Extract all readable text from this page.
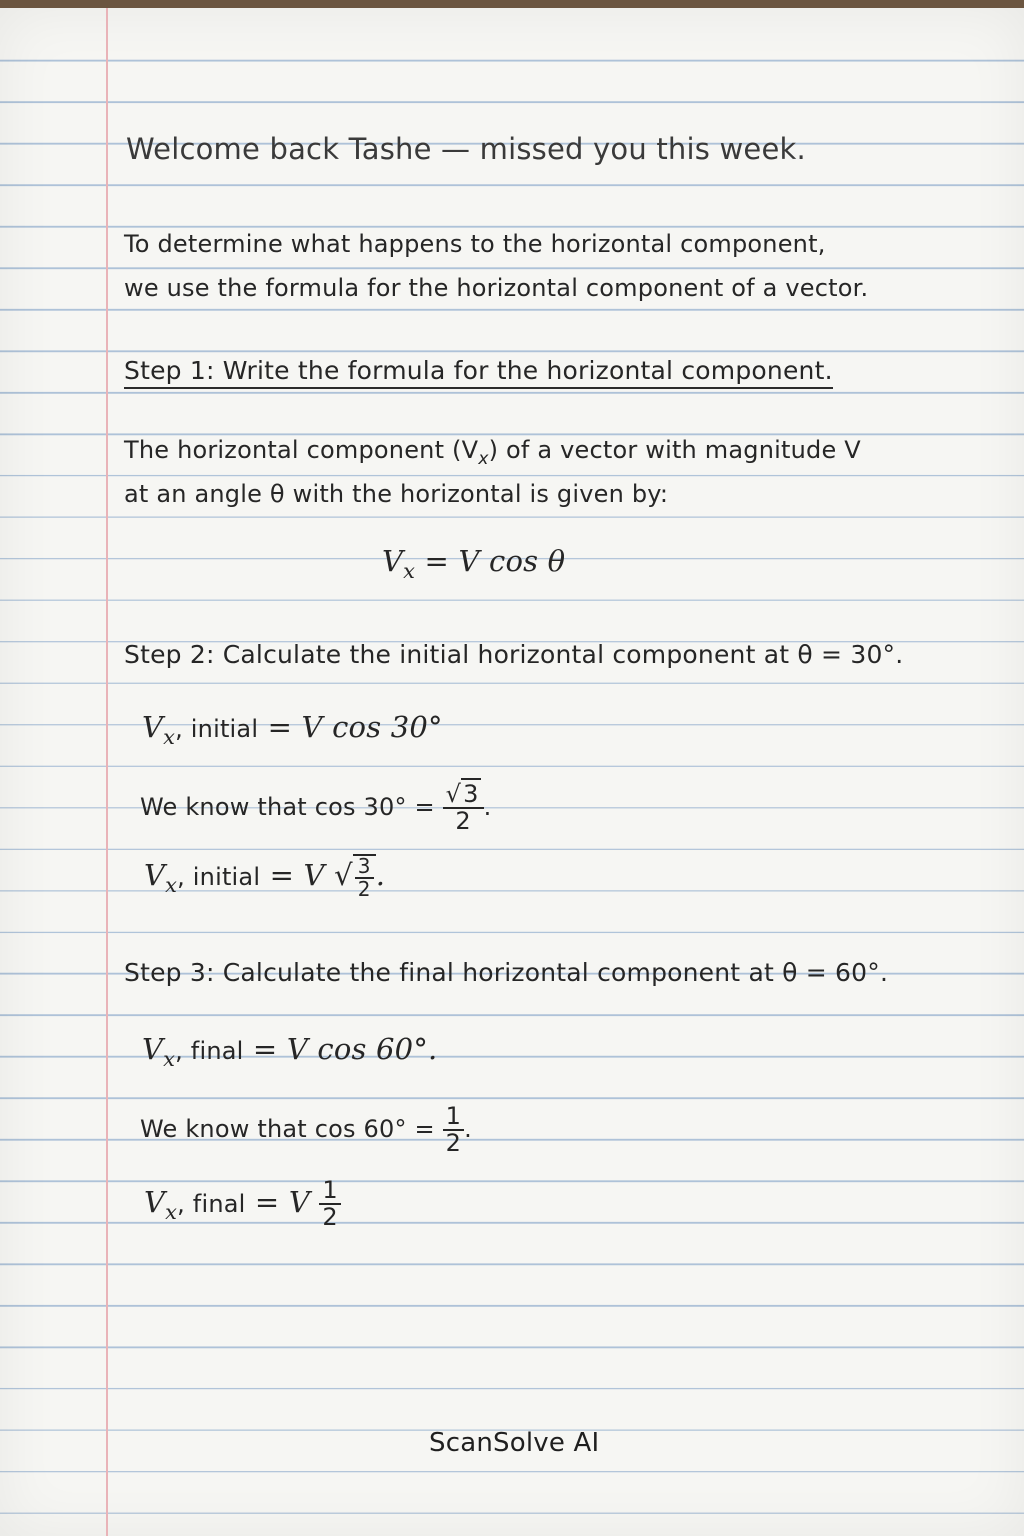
Welcome back Tashe — missed you this week.
To determine what happens to the horizontal component,
we use the formula for the horizontal component of a vector.
Step 1: Write the formula for the horizontal component.
The horizontal component $(V_x)$ of a vector with magnitude V
at an angle θ with the horizontal is given by:
$V_x = V$ cos θ
Step 2: Calculate the initial horizontal component at θ = 30°.
$V_x$, initial = V cos 30°
We know that $\cos 30^\circ = \frac{√3}{2}$ .
$V_x$, initial = V √ $\frac{3}{2}$ .
Step 3: Calculate the final horizontal component at θ = 60°.
$V_x$, final = V cos 60°.
We know that $\cos 60^\circ = \frac{1}{2}$ .
$V_x$, final = V $\frac{1}{2}$
ScanSolve AI
